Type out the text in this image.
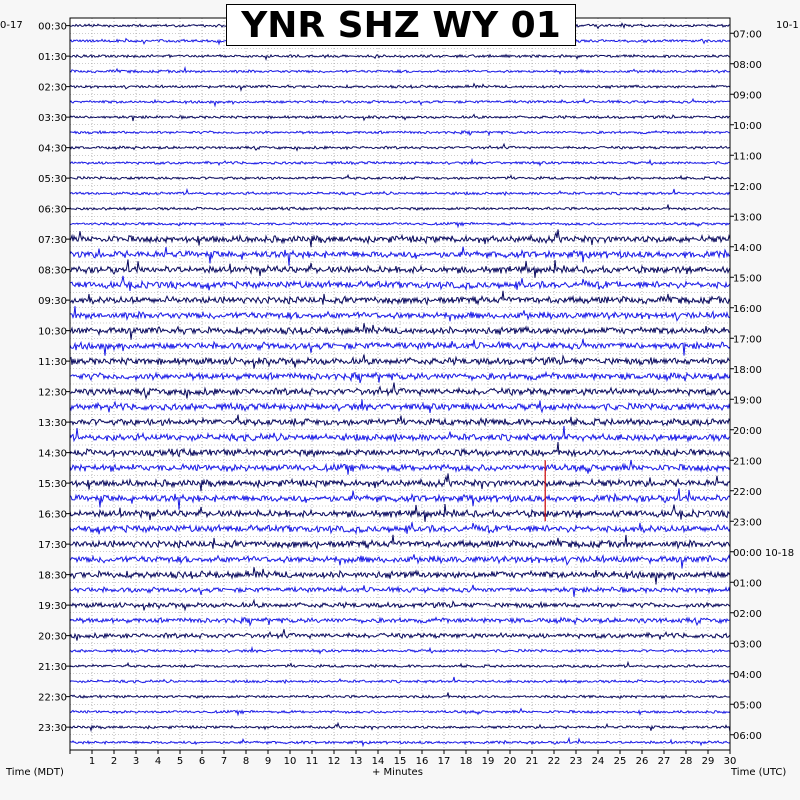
00:30
01:30
02:30
03:30
04:30
05:30
06:30
07:30
08:30
09:30
10:30
11:30
12:30
13:30
14:30
15:30
16:30
17:30
18:30
19:30
20:30
21:30
22:30
23:30
07:00
08:00
09:00
10:00
11:00
12:00
13:00
14:00
15:00
16:00
17:00
18:00
19:00
20:00
21:00
22:00
23:00
00:00 10-18
01:00
02:00
03:00
04:00
05:00
06:00
1 2 3 4 5 6 7 8 9 10 11 12 13 14 15 16 17 18 19 20 21 22 23 24 25 26 27 28 29 30
YNR SHZ WY 01
0-17	10-1
Time (MDT)	+ Minutes	Time (UTC)
